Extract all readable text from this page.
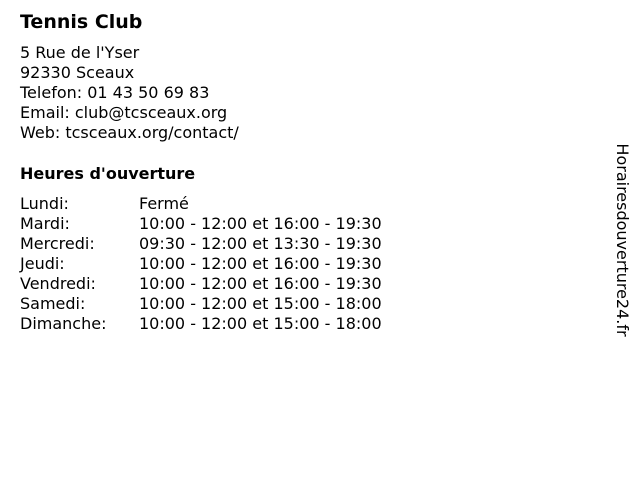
Tennis Club
5 Rue de l'Yser
92330 Sceaux
Telefon: 01 43 50 69 83
Email: club@tcsceaux.org
Web: tcsceaux.org/contact/
Heures d'ouverture
Lundi:	Fermé
Mardi:	10:00 - 12:00 et 16:00 - 19:30
Mercredi:	09:30 - 12:00 et 13:30 - 19:30
Jeudi:	10:00 - 12:00 et 16:00 - 19:30
Vendredi:	10:00 - 12:00 et 16:00 - 19:30
Samedi:	10:00 - 12:00 et 15:00 - 18:00
Dimanche: 10:00 - 12:00 et 15:00 - 18:00	Horairesdouverture24.fr
